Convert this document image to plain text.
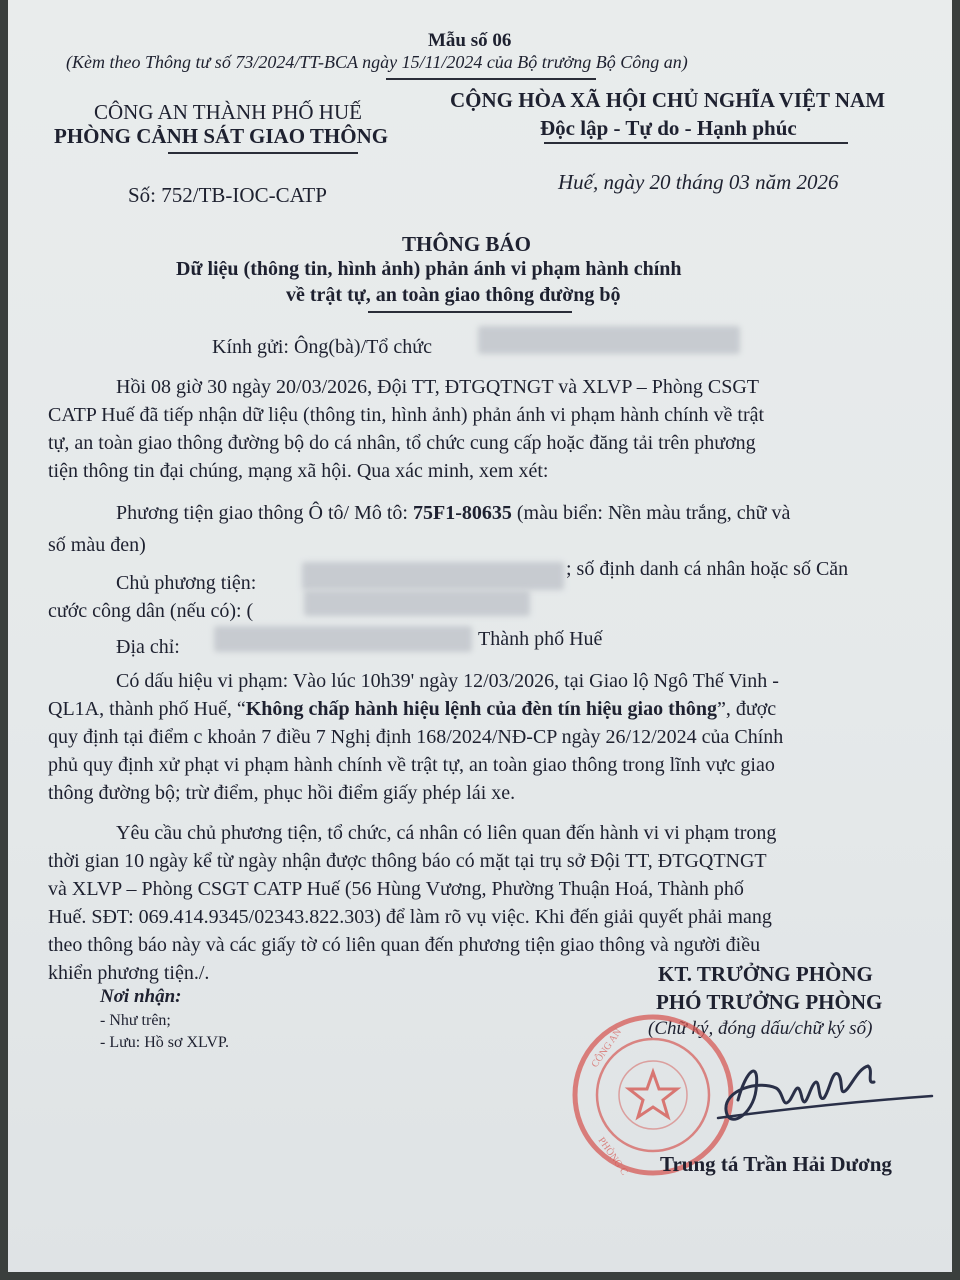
Mẫu số 06
(Kèm theo Thông tư số 73/2024/TT-BCA ngày 15/11/2024 của Bộ trưởng Bộ Công an)
CÔNG AN THÀNH PHỐ HUẾ
PHÒNG CẢNH SÁT GIAO THÔNG
CỘNG HÒA XÃ HỘI CHỦ NGHĨA VIỆT NAM
Độc lập - Tự do - Hạnh phúc
Số: 752/TB-IOC-CATP
Huế, ngày 20 tháng 03 năm 2026
THÔNG BÁO
Dữ liệu (thông tin, hình ảnh) phản ánh vi phạm hành chính
về trật tự, an toàn giao thông đường bộ
Kính gửi: Ông(bà)/Tổ chức

Hồi 08 giờ 30 ngày 20/03/2026, Đội TT, ĐTGQTNGT và XLVP – Phòng CSGT

CATP Huế đã tiếp nhận dữ liệu (thông tin, hình ảnh) phản ánh vi phạm hành chính về trật

tự, an toàn giao thông đường bộ do cá nhân, tổ chức cung cấp hoặc đăng tải trên phương

tiện thông tin đại chúng, mạng xã hội. Qua xác minh, xem xét:

Phương tiện giao thông Ô tô/ Mô tô: 75F1-80635 (màu biển: Nền màu trắng, chữ và

số màu đen)

Chủ phương tiện:

; số định danh cá nhân hoặc số Căn

cước công dân (nếu có): (

Địa chỉ:	Thành phố Huế

Có dấu hiệu vi phạm: Vào lúc 10h39' ngày 12/03/2026, tại Giao lộ Ngô Thế Vinh -

QL1A, thành phố Huế, “Không chấp hành hiệu lệnh của đèn tín hiệu giao thông”, được

quy định tại điểm c khoản 7 điều 7 Nghị định 168/2024/NĐ-CP ngày 26/12/2024 của Chính

phủ quy định xử phạt vi phạm hành chính về trật tự, an toàn giao thông trong lĩnh vực giao

thông đường bộ; trừ điểm, phục hồi điểm giấy phép lái xe.

Yêu cầu chủ phương tiện, tổ chức, cá nhân có liên quan đến hành vi vi phạm trong

thời gian 10 ngày kể từ ngày nhận được thông báo có mặt tại trụ sở Đội TT, ĐTGQTNGT

và XLVP – Phòng CSGT CATP Huế (56 Hùng Vương, Phường Thuận Hoá, Thành phố

Huế. SĐT: 069.414.9345/02343.822.303) để làm rõ vụ việc. Khi đến giải quyết phải mang

theo thông báo này và các giấy tờ có liên quan đến phương tiện giao thông và người điều

khiển phương tiện./.

Nơi nhận:
- Như trên;
- Lưu: Hồ sơ XLVP.
KT. TRƯỞNG PHÒNG
PHÓ TRƯỞNG PHÒNG
(Chữ ký, đóng dấu/chữ ký số)
CÔNG AN
PHÒNG C Trung tá Trần Hải Dương
